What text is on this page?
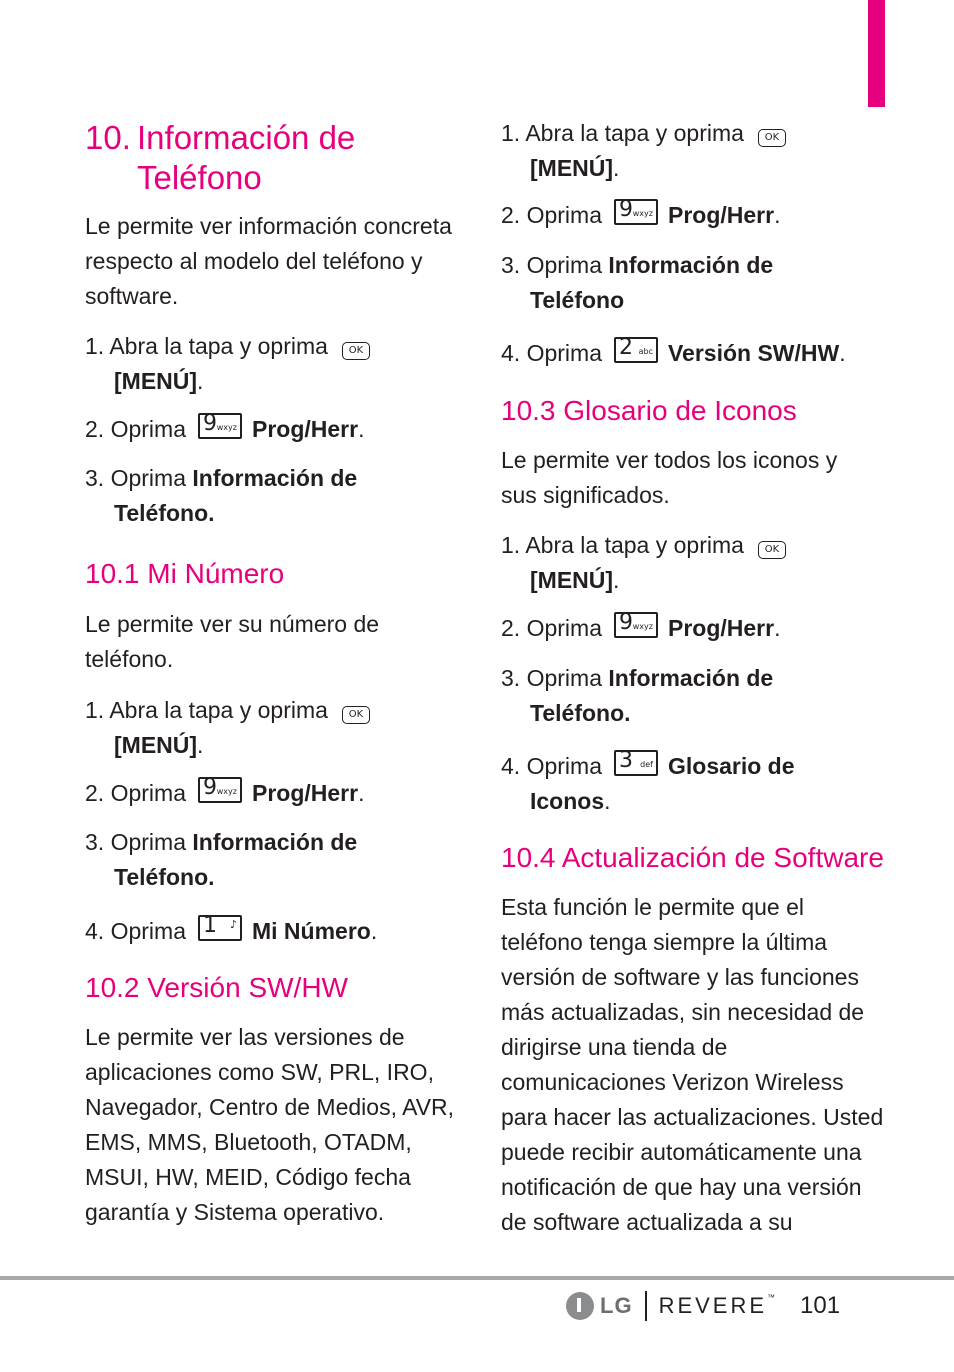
10. Información de
Teléfono

Le permite ver información concreta respecto al modelo del teléfono y software.

1. Abra la tapa y oprima OK
[MENÚ].
2. Oprima 9 wxyz Prog/Herr.
3. Oprima Información de
Teléfono.
10.1 Mi Número

Le permite ver su número de teléfono.

1. Abra la tapa y oprima OK
[MENÚ].
2. Oprima 9 wxyz Prog/Herr.
3. Oprima Información de
Teléfono.
4. Oprima 1 ♪ Mi Número.
10.2 Versión SW/HW

Le permite ver las versiones de aplicaciones como SW, PRL, IRO, Navegador, Centro de Medios, AVR, EMS, MMS, Bluetooth, OTADM, MSUI, HW, MEID, Código fecha garantía y Sistema operativo.

1. Abra la tapa y oprima OK
[MENÚ].
2. Oprima 9 wxyz Prog/Herr.
3. Oprima Información de
Teléfono
4. Oprima 2 abc Versión SW/HW.
10.3 Glosario de Iconos

Le permite ver todos los iconos y sus significados.

1. Abra la tapa y oprima OK
[MENÚ].
2. Oprima 9 wxyz Prog/Herr.
3. Oprima Información de
Teléfono.
4. Oprima 3 def Glosario de
Iconos.
10.4 Actualización de Software
Esta función le permite que el
teléfono tenga siempre la última
versión de software y las funciones
más actualizadas, sin necesidad de
dirigirse una tienda de
comunicaciones Verizon Wireless
para hacer las actualizaciones. Usted
puede recibir automáticamente una
notificación de que hay una versión
de software actualizada a su
LG REVERE™ 101
